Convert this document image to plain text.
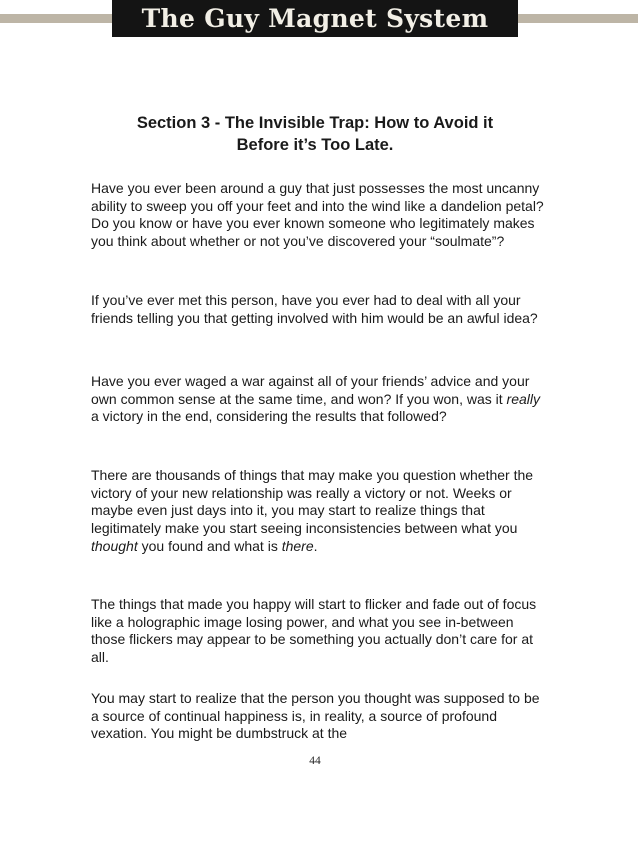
The Guy Magnet System
Section 3 - The Invisible Trap: How to Avoid it
Before it’s Too Late.
Have you ever been around a guy that just possesses the most uncanny ability to sweep you off your feet and into the wind like a dandelion petal? Do you know or have you ever known someone who legitimately makes you think about whether or not you’ve discovered your “soulmate”?
If you’ve ever met this person, have you ever had to deal with all your friends telling you that getting involved with him would be an awful idea?
Have you ever waged a war against all of your friends’ advice and your own common sense at the same time, and won? If you won, was it really a victory in the end, considering the results that followed?
There are thousands of things that may make you question whether the victory of your new relationship was really a victory or not. Weeks or maybe even just days into it, you may start to realize things that legitimately make you start seeing inconsistencies between what you thought you found and what is there.
The things that made you happy will start to flicker and fade out of focus like a holographic image losing power, and what you see in-between those flickers may appear to be something you actually don’t care for at all.
You may start to realize that the person you thought was supposed to be a source of continual happiness is, in reality, a source of profound vexation. You might be dumbstruck at the
44
